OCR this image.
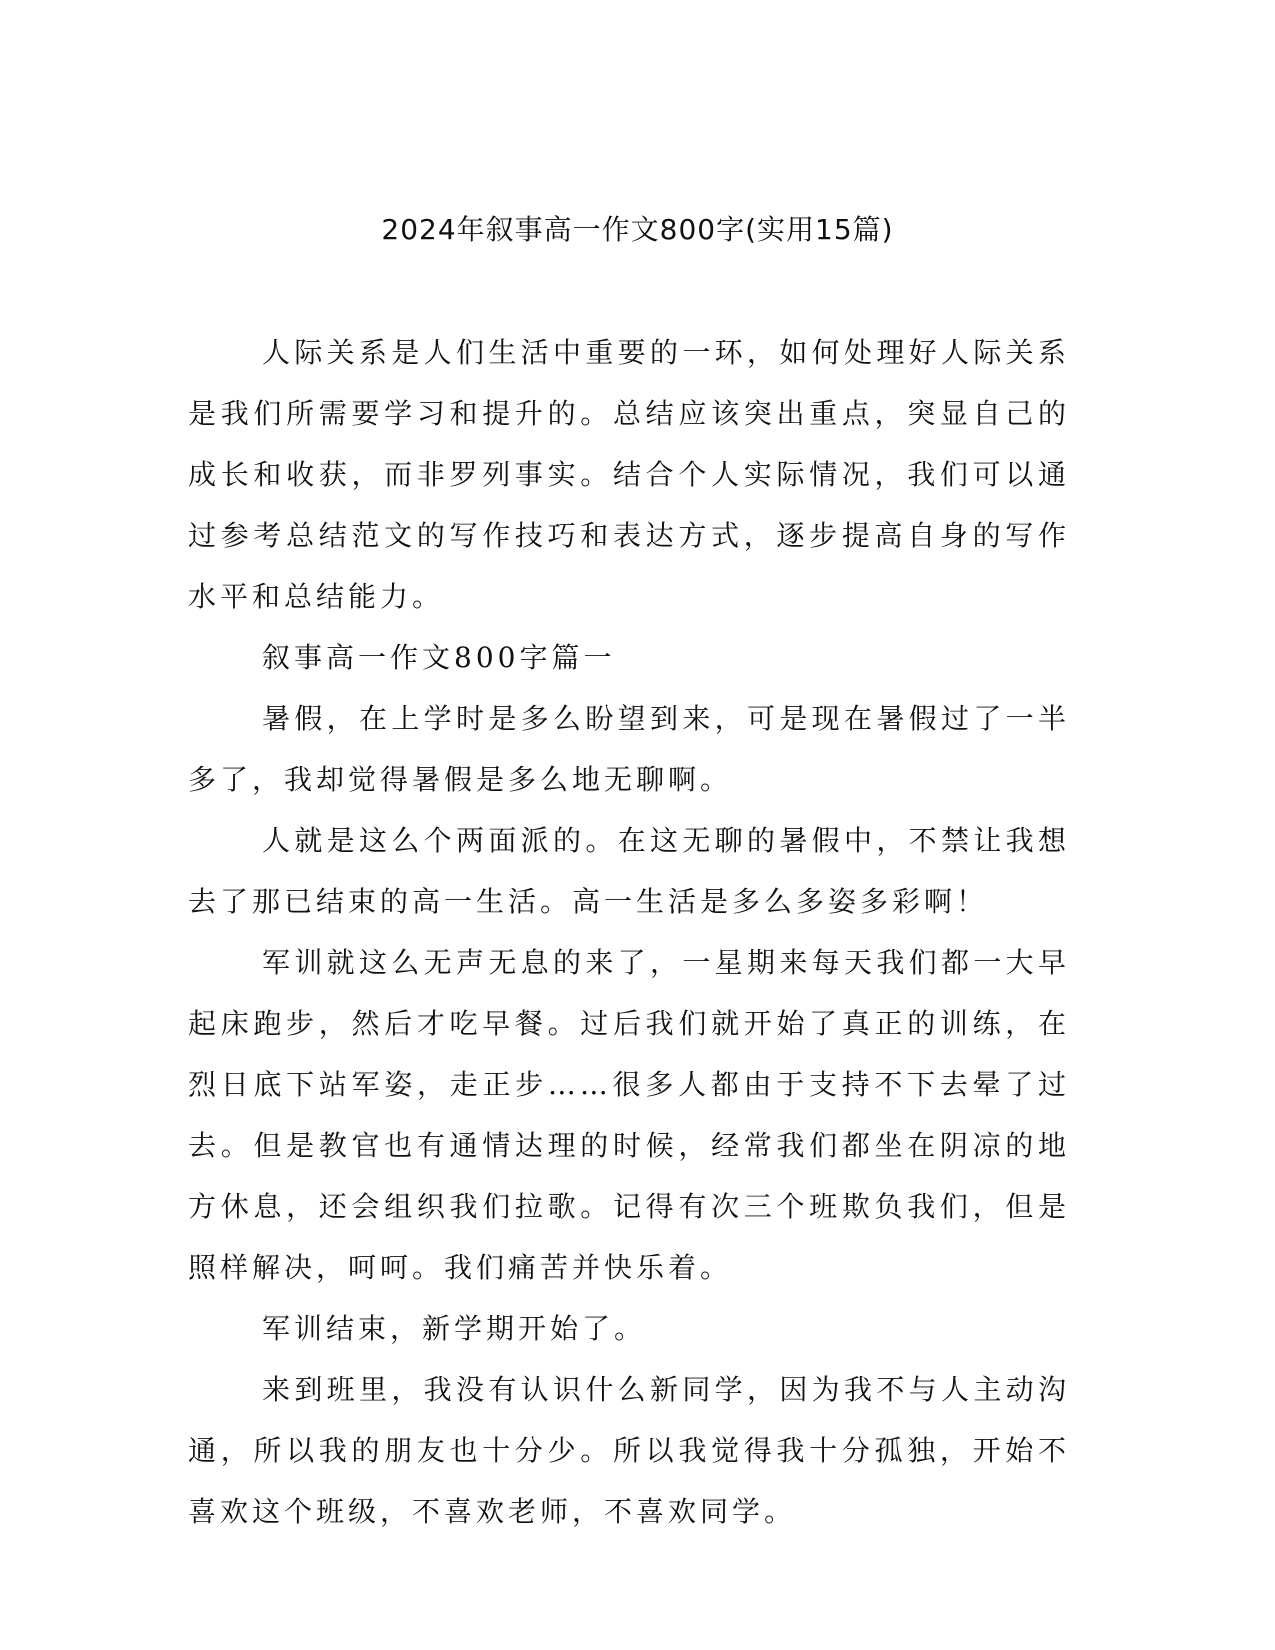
2024年叙事高一作文800字(实用15篇)

人际关系是人们生活中重要的一环，如何处理好人际关系是我们所需要学习和提升的。总结应该突出重点，突显自己的成长和收获，而非罗列事实。结合个人实际情况，我们可以通过参考总结范文的写作技巧和表达方式，逐步提高自身的写作水平和总结能力。

叙事高一作文800字篇一

暑假，在上学时是多么盼望到来，可是现在暑假过了一半多了，我却觉得暑假是多么地无聊啊。

人就是这么个两面派的。在这无聊的暑假中，不禁让我想去了那已结束的高一生活。高一生活是多么多姿多彩啊！

军训就这么无声无息的来了，一星期来每天我们都一大早起床跑步，然后才吃早餐。过后我们就开始了真正的训练，在烈日底下站军姿，走正步……很多人都由于支持不下去晕了过去。但是教官也有通情达理的时候，经常我们都坐在阴凉的地方休息，还会组织我们拉歌。记得有次三个班欺负我们，但是照样解决，呵呵。我们痛苦并快乐着。

军训结束，新学期开始了。

来到班里，我没有认识什么新同学，因为我不与人主动沟通，所以我的朋友也十分少。所以我觉得我十分孤独，开始不喜欢这个班级，不喜欢老师，不喜欢同学。
